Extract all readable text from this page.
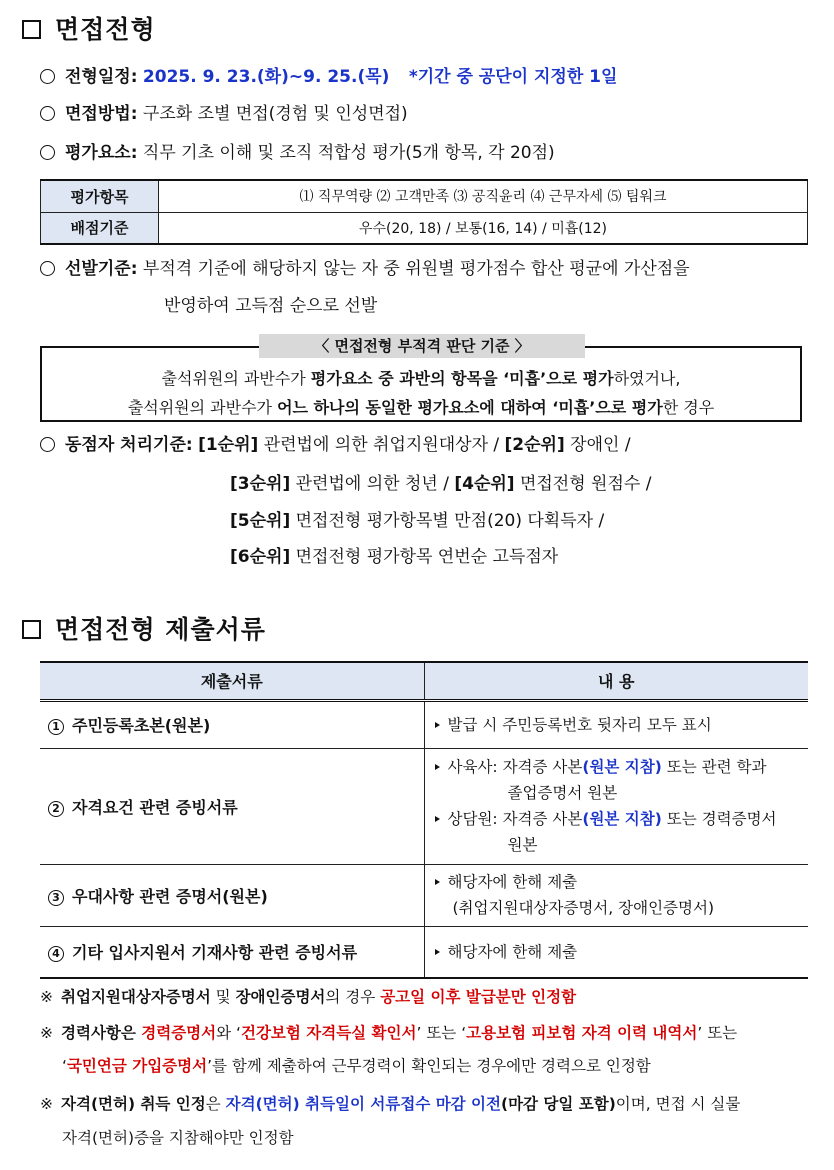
면접전형
전형일정: 2025. 9. 23.(화)~9. 25.(목) *기간 중 공단이 지정한 1일
면접방법: 구조화 조별 면접(경험 및 인성면접)
평가요소: 직무 기초 이해 및 조직 적합성 평가(5개 항목, 각 20점)
평가항목	⑴ 직무역량 ⑵ 고객만족 ⑶ 공직윤리 ⑷ 근무자세 ⑸ 팀워크
배점기준	우수(20, 18) / 보통(16, 14) / 미흡(12)
선발기준: 부적격 기준에 해당하지 않는 자 중 위원별 평가점수 합산 평균에 가산점을
반영하여 고득점 순으로 선발
〈 면접전형 부적격 판단 기준 〉
출석위원의 과반수가 평가요소 중 과반의 항목을 ‘미흡’으로 평가하였거나,
출석위원의 과반수가 어느 하나의 동일한 평가요소에 대하여 ‘미흡’으로 평가한 경우
동점자 처리기준: [1순위] 관련법에 의한 취업지원대상자 / [2순위] 장애인 /
[3순위] 관련법에 의한 청년 / [4순위] 면접전형 원점수 /
[5순위] 면접전형 평가항목별 만점(20) 다획득자 /
[6순위] 면접전형 평가항목 연번순 고득점자
면접전형 제출서류
제출서류	내 용
1 주민등록초본(원본)	발급 시 주민등록번호 뒷자리 모두 표시
2 자격요건 관련 증빙서류	사육사: 자격증 사본(원본 지참) 또는 관련 학과
졸업증명서 원본
상담원: 자격증 사본(원본 지참) 또는 경력증명서
원본

3 우대사항 관련 증명서(원본)	해당자에 한해 제출
(취업지원대상자증명서, 장애인증명서)

4 기타 입사지원서 기재사항 관련 증빙서류	해당자에 한해 제출
※ 취업지원대상자증명서 및 장애인증명서의 경우 공고일 이후 발급분만 인정함
※ 경력사항은 경력증명서와 ‘건강보험 자격득실 확인서’ 또는 ‘고용보험 피보험 자격 이력 내역서’ 또는
‘국민연금 가입증명서’를 함께 제출하여 근무경력이 확인되는 경우에만 경력으로 인정함
※ 자격(면허) 취득 인정은 자격(면허) 취득일이 서류접수 마감 이전(마감 당일 포함)이며, 면접 시 실물
자격(면허)증을 지참해야만 인정함
